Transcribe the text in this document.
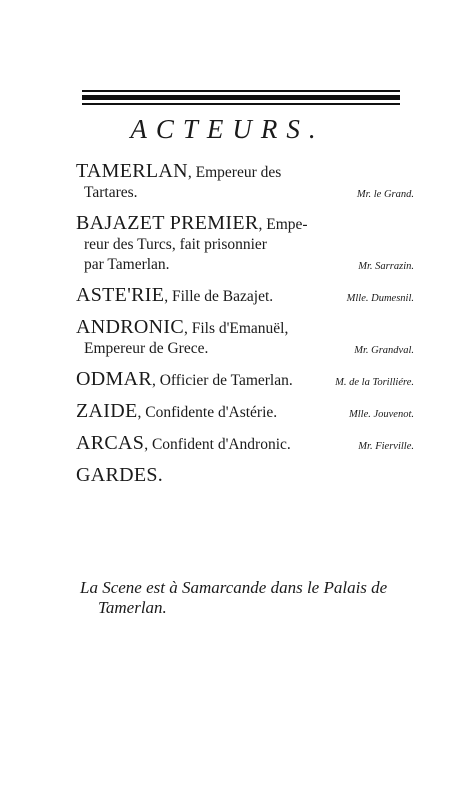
ACTEURS.
TAMERLAN, Empereur des
Tartares.	Mr. le Grand.
BAJAZET PREMIER, Empe-
reur des Turcs, fait prisonnier
par Tamerlan.	Mr. Sarrazin.
ASTE'RIE, Fille de Bazajet.	Mlle. Dumesnil.
ANDRONIC, Fils d'Emanuël,
Empereur de Grece.	Mr. Grandval.
ODMAR, Officier de Tamerlan.	M. de la Torilliére.
ZAIDE, Confidente d'Astérie.	Mlle. Jouvenot.
ARCAS, Confident d'Andronic.	Mr. Fierville.
GARDES.
La Scene est à Samarcande dans le Palais de
Tamerlan.
